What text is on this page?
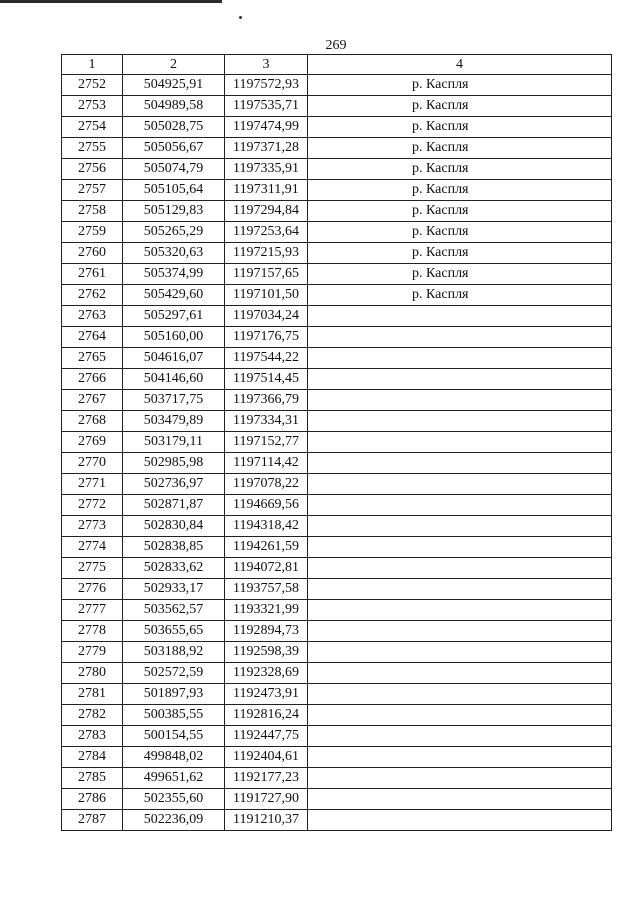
269
1	2	3	4
2752	504925,91	1197572,93	р. Каспля
2753	504989,58	1197535,71	р. Каспля
2754	505028,75	1197474,99	р. Каспля
2755	505056,67	1197371,28	р. Каспля
2756	505074,79	1197335,91	р. Каспля
2757	505105,64	1197311,91	р. Каспля
2758	505129,83	1197294,84	р. Каспля
2759	505265,29	1197253,64	р. Каспля
2760	505320,63	1197215,93	р. Каспля
2761	505374,99	1197157,65	р. Каспля
2762	505429,60	1197101,50	р. Каспля
2763	505297,61	1197034,24	
2764	505160,00	1197176,75	
2765	504616,07	1197544,22	
2766	504146,60	1197514,45	
2767	503717,75	1197366,79	
2768	503479,89	1197334,31	
2769	503179,11	1197152,77	
2770	502985,98	1197114,42	
2771	502736,97	1197078,22	
2772	502871,87	1194669,56	
2773	502830,84	1194318,42	
2774	502838,85	1194261,59	
2775	502833,62	1194072,81	
2776	502933,17	1193757,58	
2777	503562,57	1193321,99	
2778	503655,65	1192894,73	
2779	503188,92	1192598,39	
2780	502572,59	1192328,69	
2781	501897,93	1192473,91	
2782	500385,55	1192816,24	
2783	500154,55	1192447,75	
2784	499848,02	1192404,61	
2785	499651,62	1192177,23	
2786	502355,60	1191727,90	
2787	502236,09	1191210,37	
